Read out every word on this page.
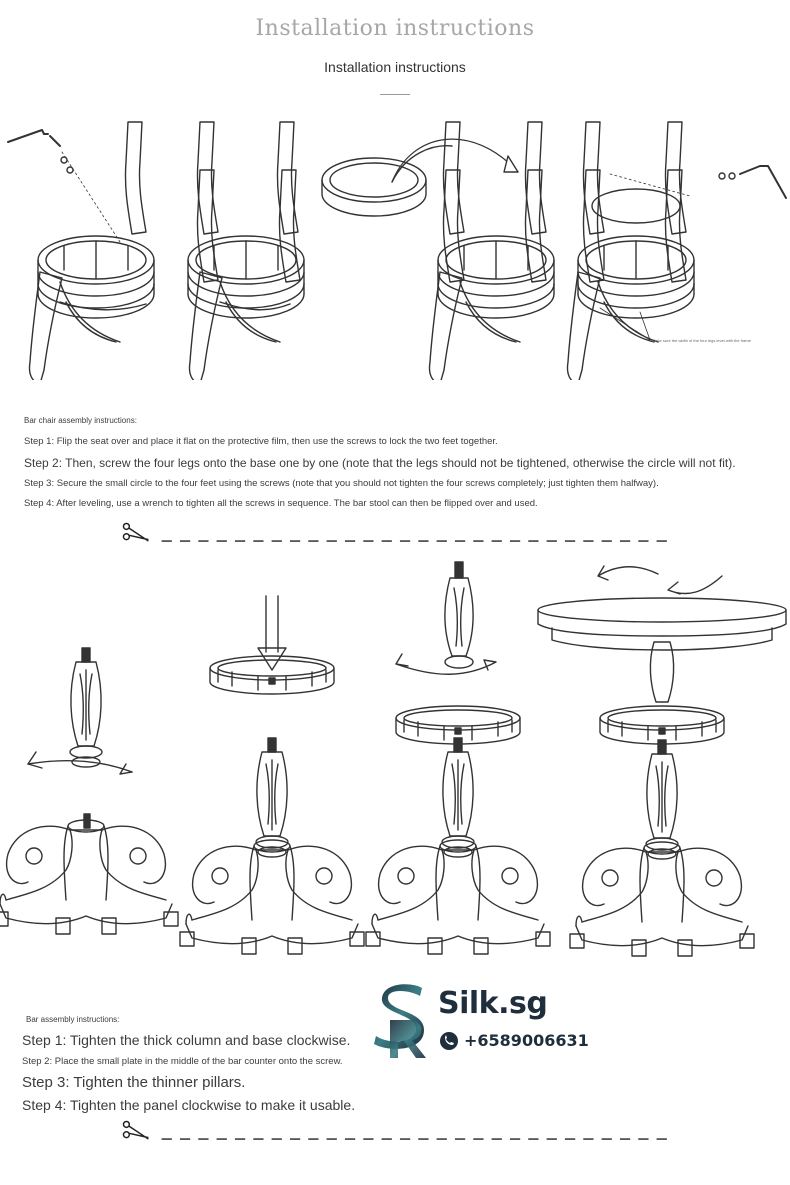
Installation instructions
Installation instructions
Make sure the width of the four legs level with the frame
Bar chair assembly instructions:
Step 1: Flip the seat over and place it flat on the protective film, then use the screws to lock the two feet together.
Step 2: Then, screw the four legs onto the base one by one (note that the legs should not be tightened, otherwise the circle will not fit).
Step 3: Secure the small circle to the four feet using the screws (note that you should not tighten the four screws completely; just tighten them halfway).
Step 4: After leveling, use a wrench to tighten all the screws in sequence. The bar stool can then be flipped over and used.
Bar assembly instructions:
Step 1: Tighten the thick column and base clockwise.
Step 2: Place the small plate in the middle of the bar counter onto the screw.
Step 3: Tighten the thinner pillars.
Step 4: Tighten the panel clockwise to make it usable.
Silk.sg
+6589006631
